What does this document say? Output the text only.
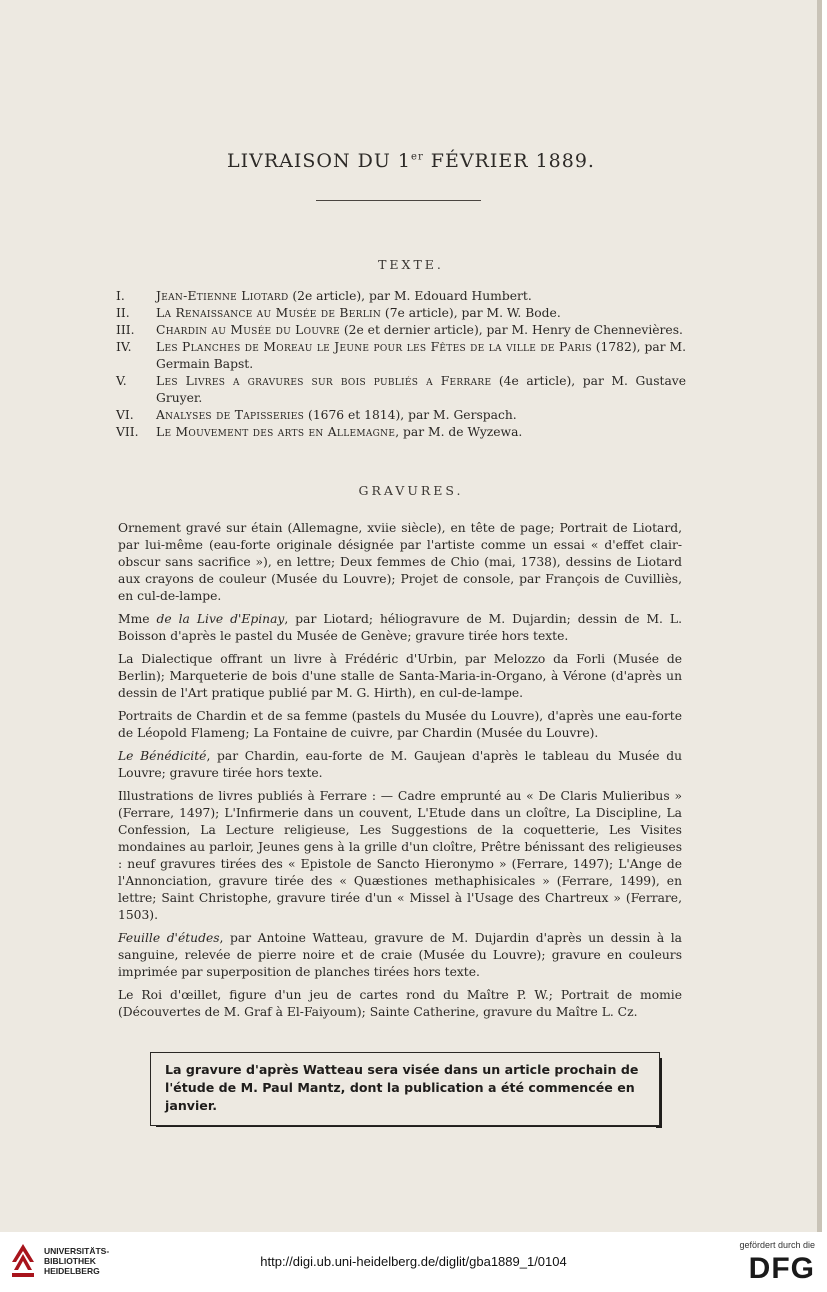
LIVRAISON DU 1er FÉVRIER 1889.
TEXTE.
I.	Jean-Etienne Liotard (2e article), par M. Edouard Humbert.
II.	La Renaissance au Musée de Berlin (7e article), par M. W. Bode.
III.	Chardin au Musée du Louvre (2e et dernier article), par M. Henry de Chennevières.
IV.	Les Planches de Moreau le Jeune pour les Fêtes de la ville de Paris (1782), par M. Germain Bapst.
V.	Les Livres a gravures sur bois publiés a Ferrare (4e article), par M. Gustave Gruyer.
VI.	Analyses de Tapisseries (1676 et 1814), par M. Gerspach.
VII.	Le Mouvement des arts en Allemagne, par M. de Wyzewa.
GRAVURES.

Ornement gravé sur étain (Allemagne, xviie siècle), en tête de page; Portrait de Liotard, par lui-même (eau-forte originale désignée par l'artiste comme un essai « d'effet clair-obscur sans sacrifice »), en lettre; Deux femmes de Chio (mai, 1738), dessins de Liotard aux crayons de couleur (Musée du Louvre); Projet de console, par François de Cuvilliès, en cul-de-lampe.

Mme de la Live d'Epinay, par Liotard; héliogravure de M. Dujardin; dessin de M. L. Boisson d'après le pastel du Musée de Genève; gravure tirée hors texte.

La Dialectique offrant un livre à Frédéric d'Urbin, par Melozzo da Forli (Musée de Berlin); Marqueterie de bois d'une stalle de Santa-Maria-in-Organo, à Vérone (d'après un dessin de l'Art pratique publié par M. G. Hirth), en cul-de-lampe.

Portraits de Chardin et de sa femme (pastels du Musée du Louvre), d'après une eau-forte de Léopold Flameng; La Fontaine de cuivre, par Chardin (Musée du Louvre).

Le Bénédicité, par Chardin, eau-forte de M. Gaujean d'après le tableau du Musée du Louvre; gravure tirée hors texte.

Illustrations de livres publiés à Ferrare : — Cadre emprunté au « De Claris Mulieribus » (Ferrare, 1497); L'Infirmerie dans un couvent, L'Etude dans un cloître, La Discipline, La Confession, La Lecture religieuse, Les Suggestions de la coquetterie, Les Visites mondaines au parloir, Jeunes gens à la grille d'un cloître, Prêtre bénissant des religieuses : neuf gravures tirées des « Epistole de Sancto Hieronymo » (Ferrare, 1497); L'Ange de l'Annonciation, gravure tirée des « Quæstiones methaphisicales » (Ferrare, 1499), en lettre; Saint Christophe, gravure tirée d'un « Missel à l'Usage des Chartreux » (Ferrare, 1503).

Feuille d'études, par Antoine Watteau, gravure de M. Dujardin d'après un dessin à la sanguine, relevée de pierre noire et de craie (Musée du Louvre); gravure en couleurs imprimée par superposition de planches tirées hors texte.

Le Roi d'œillet, figure d'un jeu de cartes rond du Maître P. W.; Portrait de momie (Découvertes de M. Graf à El-Faiyoum); Sainte Catherine, gravure du Maître L. Cz.

La gravure d'après Watteau sera visée dans un article prochain de l'étude de M. Paul Mantz, dont la publication a été commencée en janvier.
UNIVERSITÄTS-
BIBLIOTHEK
HEIDELBERG
http://digi.ub.uni-heidelberg.de/diglit/gba1889_1/0104
gefördert durch die
DFG
